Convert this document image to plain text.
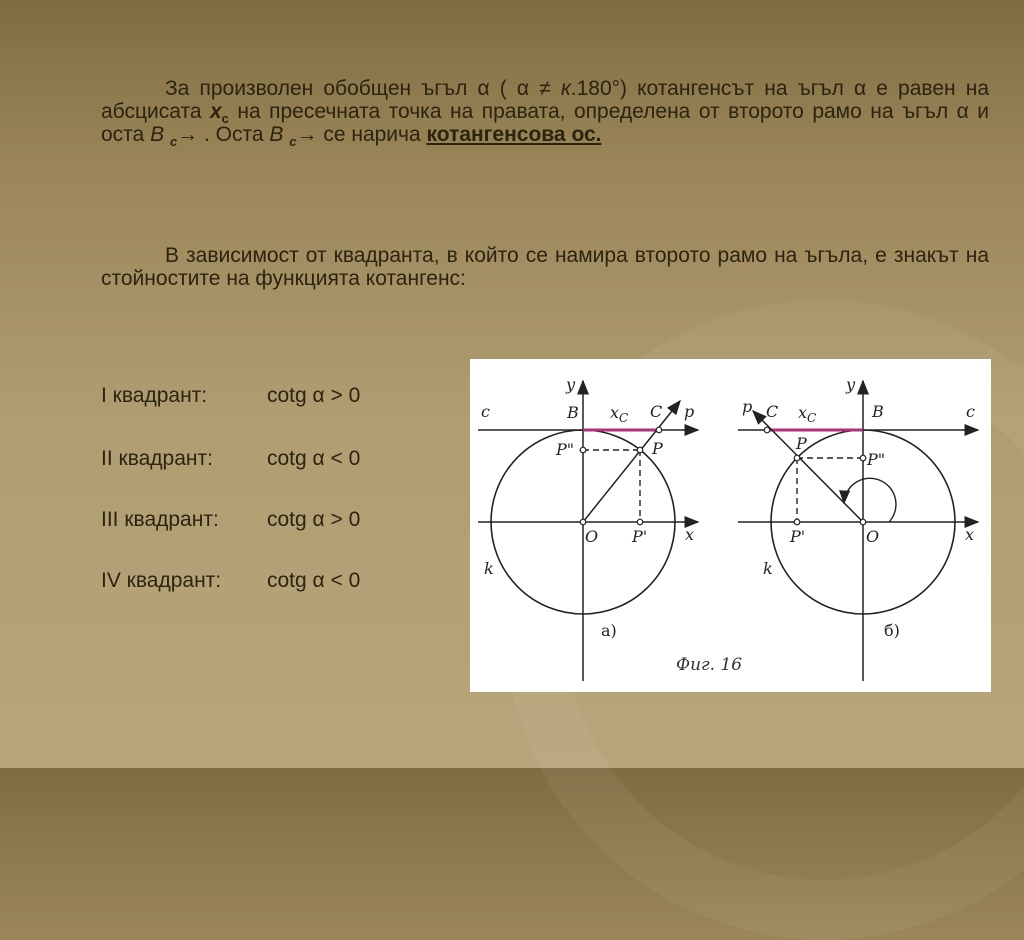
За произволен обобщен ъгъл α ( α ≠ к.180°) котангенсът на ъгъл α е равен на абсцисата $x_c$ на пресечната точка на правата, определена от второто рамо на ъгъл α и оста B $_c$→ . Оста B $_c$→ се нарича котангенсова ос.
В зависимост от квадранта, в който се намира второто рамо на ъгъла, е знакът на стойностите на функцията котангенс:
I квадрант:	cotg α > 0
II квадрант:	cotg α < 0
III квадрант: cotg α > 0
IV квадрант: cotg α < 0
y
x
c	B $x_C$ C p
P"	P
O P'
k
а)
y
x
p C $x_C$	B	c
P
P"
P'	O
k
б)
Фиг. 16
